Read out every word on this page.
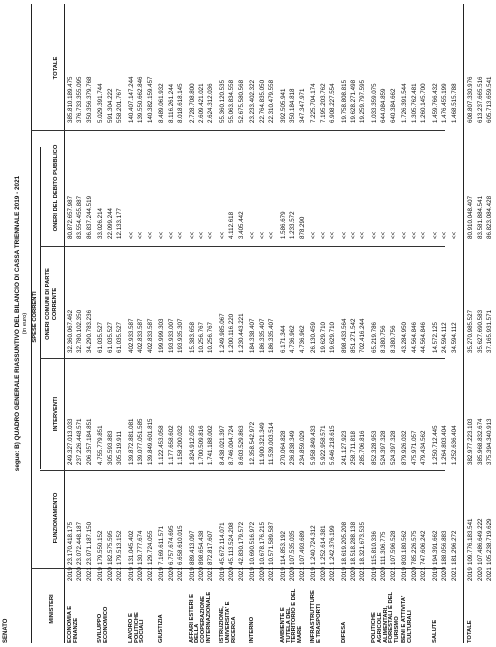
SENATO
segue: B) QUADRO GENERALE RIASSUNTIVO DEL BILANCIO DI CASSA TRIENNALE 2019 - 2021 (in euro) SPESE CORRENTI
MINISTERI
FUNZIONAMENTO
INTERVENTI
ONERI COMUNI DI PARTE CORRENTE
ONERI DEL DEBITO PUBBLICO
TOTALE
ECONOMIA E FINANZE
2019
23.170.418.175
249.327.013.033
32.360.067.462
80.872.657.987
385.810.189.475
2020
23.072.448.187
237.226.448.571
32.780.102.350
83.554.455.887
376.733.355.095
2021
23.071.187.150
206.357.184.851
34.290.783.236
86.837.244.519
350.356.379.768
SVILUPPO ECONOMICO
2019
179.550.152
4.755.779.851
61.035.527
33.026.214
5.029.391.744
2020
182.575.595
305.593.883
61.035.527
22.099.244
591.304.222
2021
179.513.152
305.519.911
61.035.527
12.133.177
558.201.767
LAVORO E POLITICHE SOCIALI
2019
131.045.402
139.872.881.081
402.933.587
<<
140.407.147.244
2020
130.777.674
139.077.051.585
402.833.587
<<
139.550.662.846
2021
129.724.055
139.849.601.815
402.833.587
<<
140.382.159.457
GIUSTIZIA
2019
7.169.611.571
1.122.453.058
199.999.303
<<
8.489.061.932
2020
6.757.674.695
1.177.658.602
193.933.007
<<
8.116.261.244
2021
6.658.610.015
1.158.200.032
193.935.307
<<
8.018.618.145
AFFARI ESTERI E DELLA COOPERAZIONE INTERNAZIONALE
2019
889.413.097
1.824.912.055
15.383.658
<<
2.728.708.800
2020
898.654.438
1.700.509.816
10.256.767
<<
2.609.421.021
2021
872.817.607
1.741.188.002
10.256.767
<<
2.624.312.036
ISTRUZIONE, UNIVERSITA' E RICERCA
2019
45.672.114.071
8.438.021.397
1.249.985.067
<<
55.360.120.535
2020
45.113.524.208
8.746.004.724
1.200.116.220
4.112.618
55.063.834.558
2021
42.830.179.572
8.603.529.863
1.230.443.221
3.405.442
52.675.580.568
INTERNO
2019
10.690.516.972
12.358.542.972
184.338.407
<<
23.233.402.322
2020
10.678.176.215
11.900.321.349
186.335.407
<<
22.764.835.050
2021
10.571.589.587
11.539.003.514
186.335.407
<<
22.310.479.558
AMBIENTE E TUTELA DEL TERRITORIO E DEL MARE
2019
114.853.192
270.064.828
6.171.344
1.586.679
392.505.941
2020
107.535.035
236.838.349
4.736.962
1.233.572
350.184.818
2021
107.493.689
234.859.029
4.736.962
878.290
347.347.971
INFRASTRUTTURE E TRASPORTI
2019
1.240.724.312
5.958.849.433
26.130.459
<<
7.225.704.174
2020
1.252.614.381
5.922.958.571
19.629.710
<<
7.195.203.762
2021
1.242.376.199
5.646.218.615
19.629.710
<<
6.908.227.554
DIFESA
2019
18.619.205.208
241.127.923
898.433.564
<<
19.758.808.815
2020
18.518.288.138
258.711.818
851.271.542
<<
19.628.271.498
2021
18.321.673.535
285.706.816
702.416.244
<<
19.259.797.595
POLITICHE AGRICOLE ALIMENTARI, FORESTALI E DEL TURISMO
2019
115.810.336
852.328.953
65.219.786
<<
1.033.359.075
2020
111.306.775
524.397.328
8.380.756
<<
644.084.859
2021
107.596.528
524.397.328
8.380.756
<<
640.384.662
BENI E ATTIVITA' CULTURALI
2019
803.180.562
879.926.032
43.284.950
<<
1.726.391.544
2020
785.226.575
475.971.057
44.564.846
<<
1.305.762.481
2021
747.606.242
479.434.562
44.564.846
<<
1.260.145.700
SALUTE
2019
194.391.662
1.250.712.445
14.572.125
<<
1.459.766.432
2020
188.056.883
1.264.803.404
24.594.112
<<
1.476.455.199
2021
181.296.272
1.252.636.404
34.594.112
<<
1.468.515.788
TOTALE
2019
109.776.183.541
382.977.223.103
35.270.985.527
80.910.048.407
608.807.330.976
2020
107.486.649.222
385.968.832.674
35.627.690.583
83.581.884.541
613.237.665.516
2021
105.238.719.629
375.394.340.913
37.165.931.571
86.823.084.428
605.713.659.541
